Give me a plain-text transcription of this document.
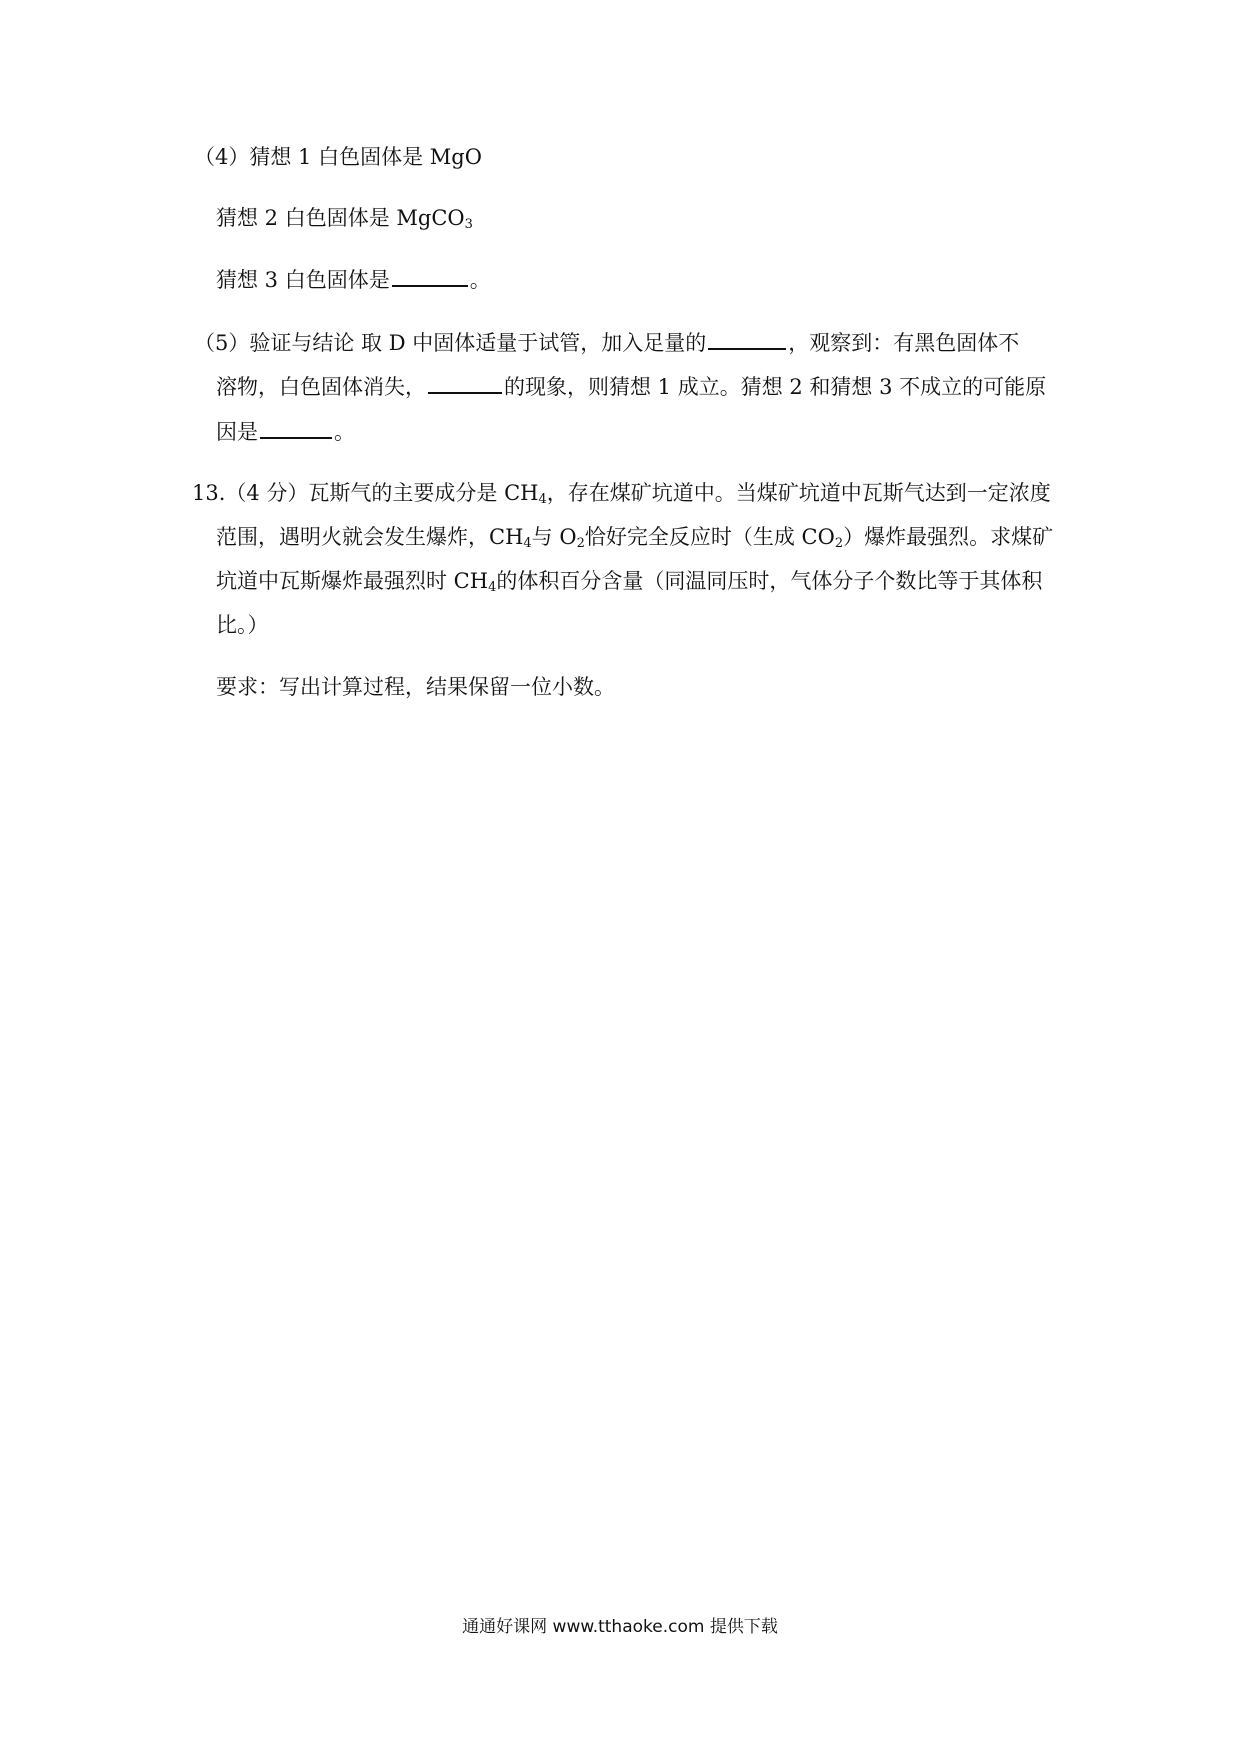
（4）猜想 1 白色固体是 MgO
猜想 2 白色固体是 MgCO$_3$
猜想 3 白色固体是	。
（5）验证与结论 取 D 中固体适量于试管，加入足量的	，观察到：有黑色固体不
溶物，白色固体消失，	的现象，则猜想 1 成立。猜想 2 和猜想 3 不成立的可能原
因是	。
13.（4 分）瓦斯气的主要成分是 $CH_4$，存在煤矿坑道中。当煤矿坑道中瓦斯气达到一定浓度
范围，遇明火就会发生爆炸，$CH_4$与 $O_2$恰好完全反应时（生成 $CO_2$）爆炸最强烈。求煤矿
坑道中瓦斯爆炸最强烈时 $CH_4$的体积百分含量（同温同压时，气体分子个数比等于其体积
比。）
要求：写出计算过程，结果保留一位小数。
通通好课网 www.tthaoke.com 提供下载
